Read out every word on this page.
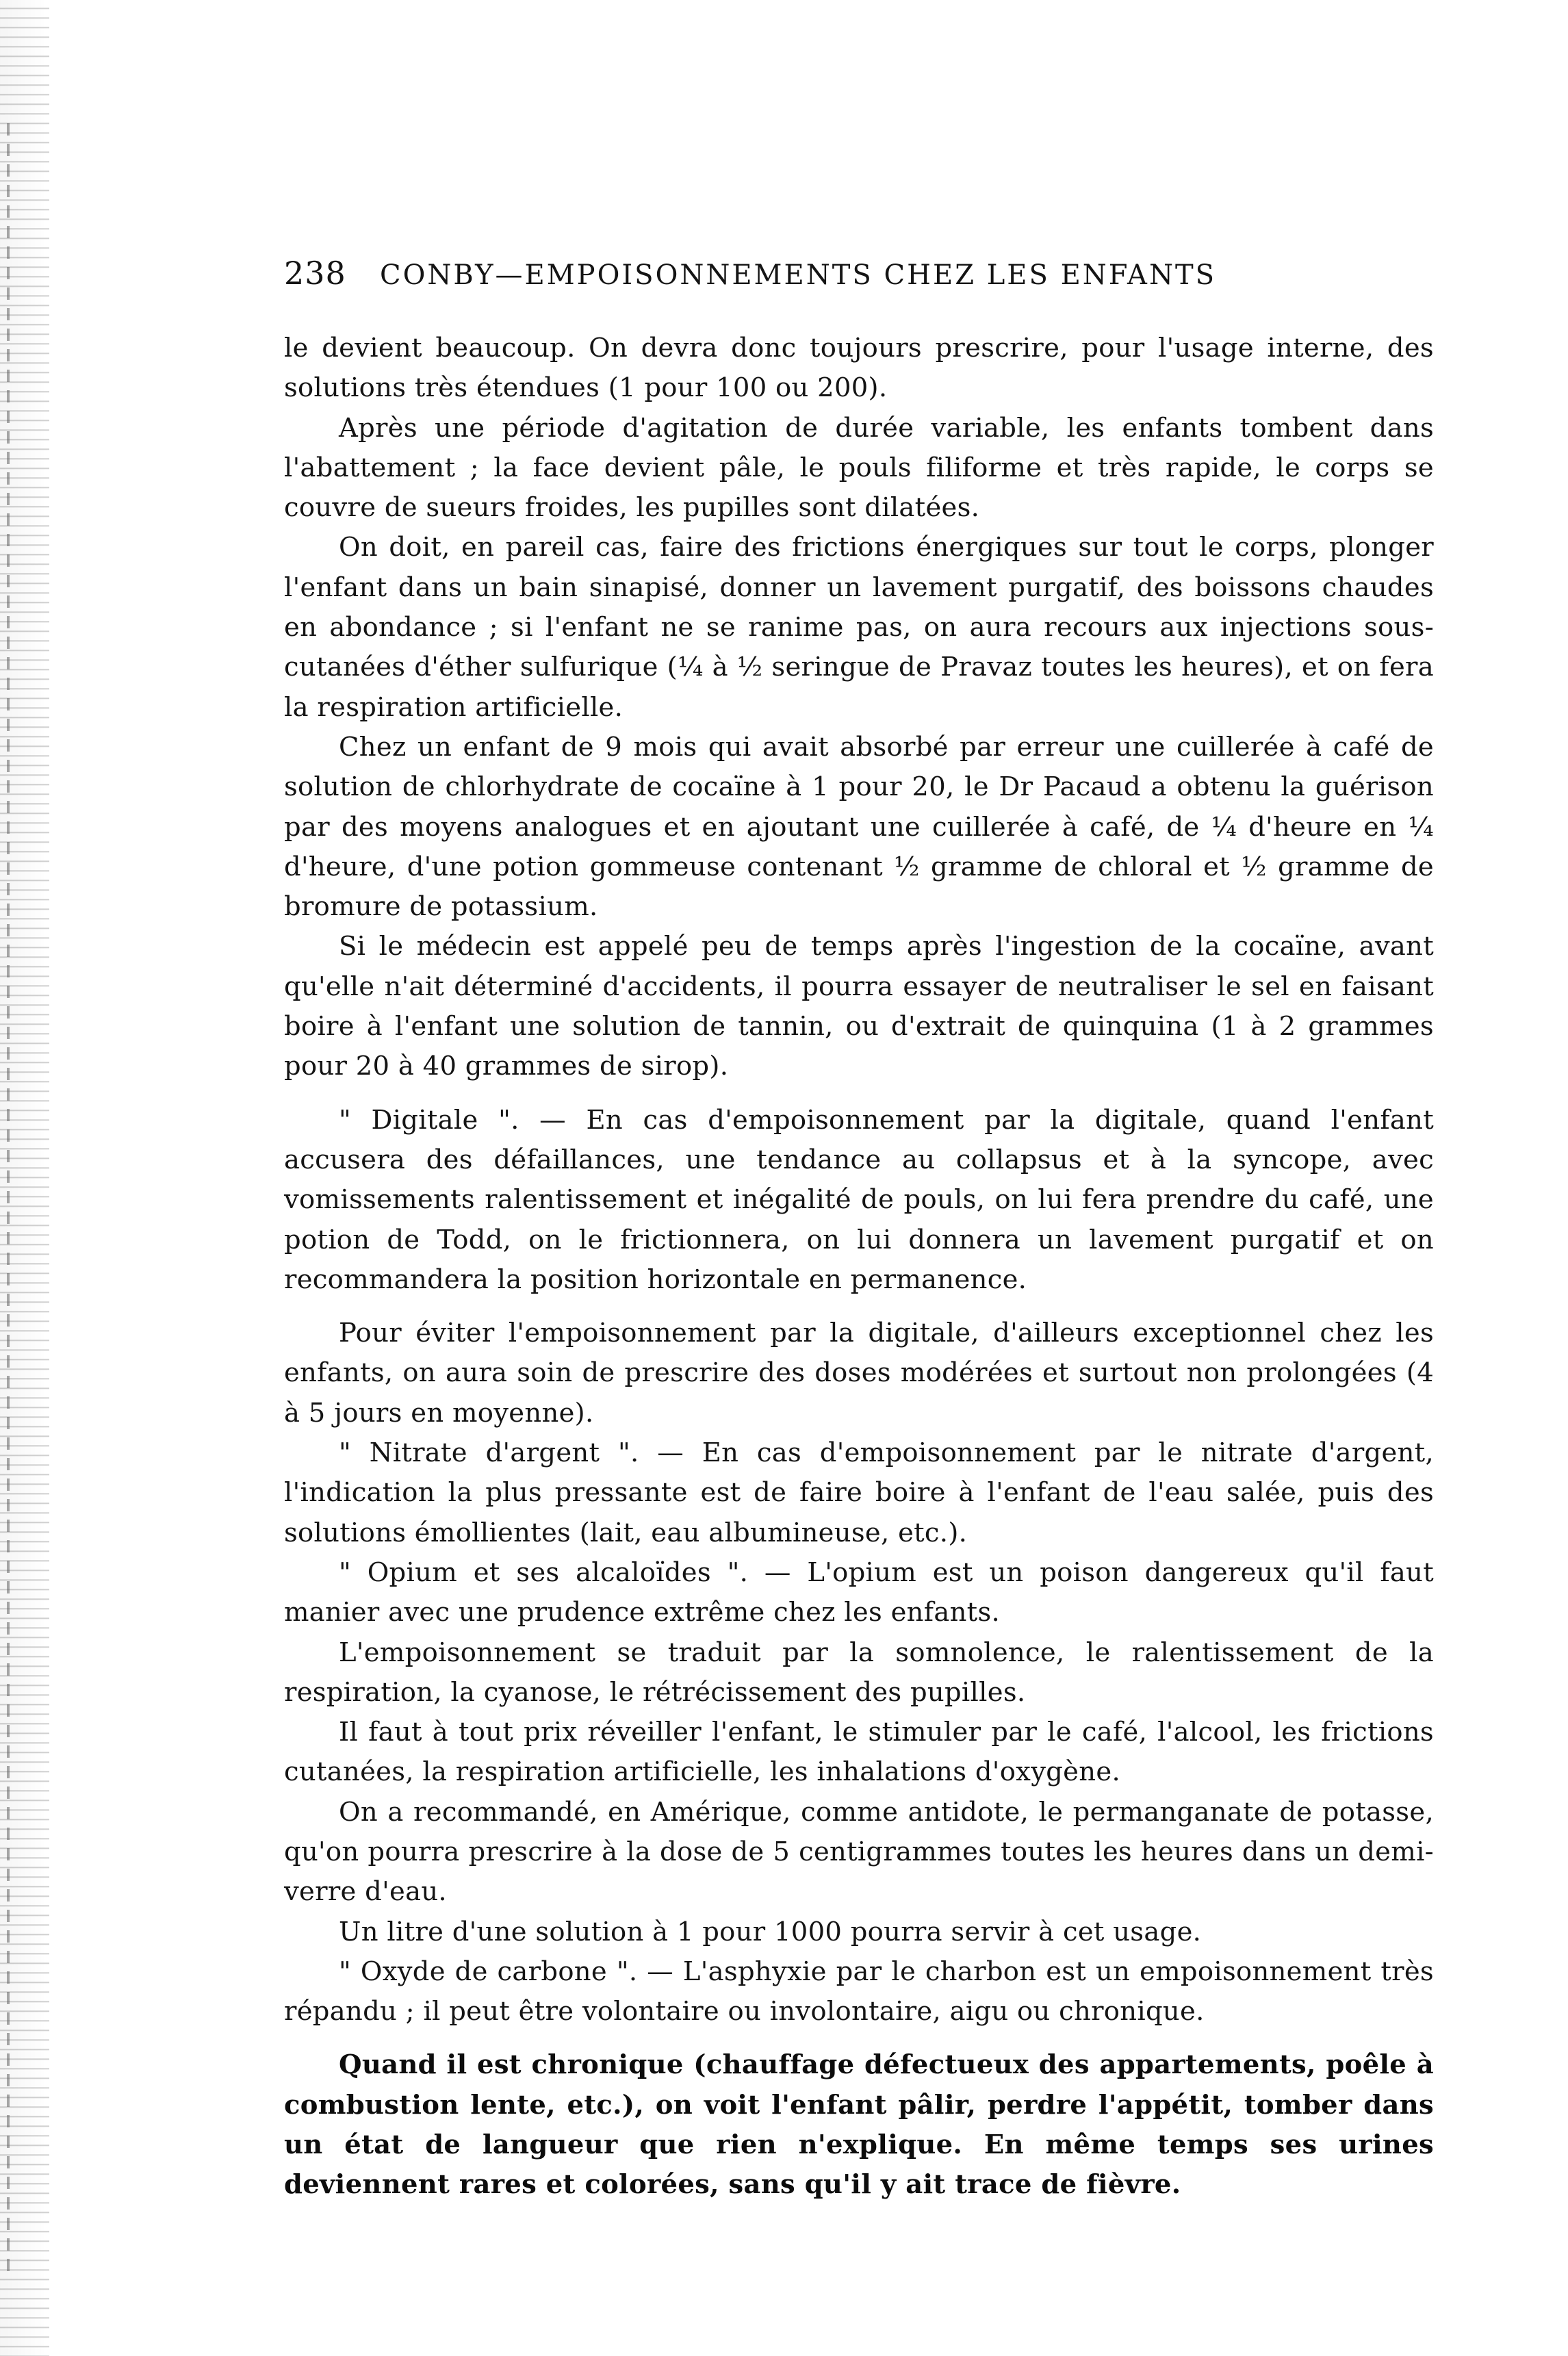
238	CONBY—EMPOISONNEMENTS CHEZ LES ENFANTS

le devient beaucoup. On devra donc toujours prescrire, pour l'usage interne, des solutions très étendues (1 pour 100 ou 200).

Après une période d'agitation de durée variable, les enfants tombent dans l'abattement ; la face devient pâle, le pouls filiforme et très rapide, le corps se couvre de sueurs froides, les pupilles sont dilatées.

On doit, en pareil cas, faire des frictions énergiques sur tout le corps, plonger l'enfant dans un bain sinapisé, donner un lavement purgatif, des boissons chaudes en abondance ; si l'enfant ne se ranime pas, on aura recours aux injections sous-cutanées d'éther sulfurique (¼ à ½ seringue de Pravaz toutes les heures), et on fera la respiration artificielle.

Chez un enfant de 9 mois qui avait absorbé par erreur une cuillerée à café de solution de chlorhydrate de cocaïne à 1 pour 20, le Dr Pacaud a obtenu la guérison par des moyens analogues et en ajoutant une cuillerée à café, de ¼ d'heure en ¼ d'heure, d'une potion gommeuse contenant ½ gramme de chloral et ½ gramme de bromure de potassium.

Si le médecin est appelé peu de temps après l'ingestion de la cocaïne, avant qu'elle n'ait déterminé d'accidents, il pourra essayer de neutraliser le sel en faisant boire à l'enfant une solution de tannin, ou d'extrait de quinquina (1 à 2 grammes pour 20 à 40 grammes de sirop).

" Digitale ". — En cas d'empoisonnement par la digitale, quand l'enfant accusera des défaillances, une tendance au collapsus et à la syncope, avec vomissements ralentissement et inégalité de pouls, on lui fera prendre du café, une potion de Todd, on le frictionnera, on lui donnera un lavement purgatif et on recommandera la position horizontale en permanence.

Pour éviter l'empoisonnement par la digitale, d'ailleurs exceptionnel chez les enfants, on aura soin de prescrire des doses modérées et surtout non prolongées (4 à 5 jours en moyenne).

" Nitrate d'argent ". — En cas d'empoisonnement par le nitrate d'argent, l'indication la plus pressante est de faire boire à l'enfant de l'eau salée, puis des solutions émollientes (lait, eau albumineuse, etc.).

" Opium et ses alcaloïdes ". — L'opium est un poison dangereux qu'il faut manier avec une prudence extrême chez les enfants.

L'empoisonnement se traduit par la somnolence, le ralentissement de la respiration, la cyanose, le rétrécissement des pupilles.

Il faut à tout prix réveiller l'enfant, le stimuler par le café, l'alcool, les frictions cutanées, la respiration artificielle, les inhalations d'oxygène.

On a recommandé, en Amérique, comme antidote, le permanganate de potasse, qu'on pourra prescrire à la dose de 5 centigrammes toutes les heures dans un demi-verre d'eau.

Un litre d'une solution à 1 pour 1000 pourra servir à cet usage.

" Oxyde de carbone ". — L'asphyxie par le charbon est un empoisonnement très répandu ; il peut être volontaire ou involontaire, aigu ou chronique.

Quand il est chronique (chauffage défectueux des appartements, poêle à combustion lente, etc.), on voit l'enfant pâlir, perdre l'appétit, tomber dans un état de langueur que rien n'explique. En même temps ses urines deviennent rares et colorées, sans qu'il y ait trace de fièvre.
